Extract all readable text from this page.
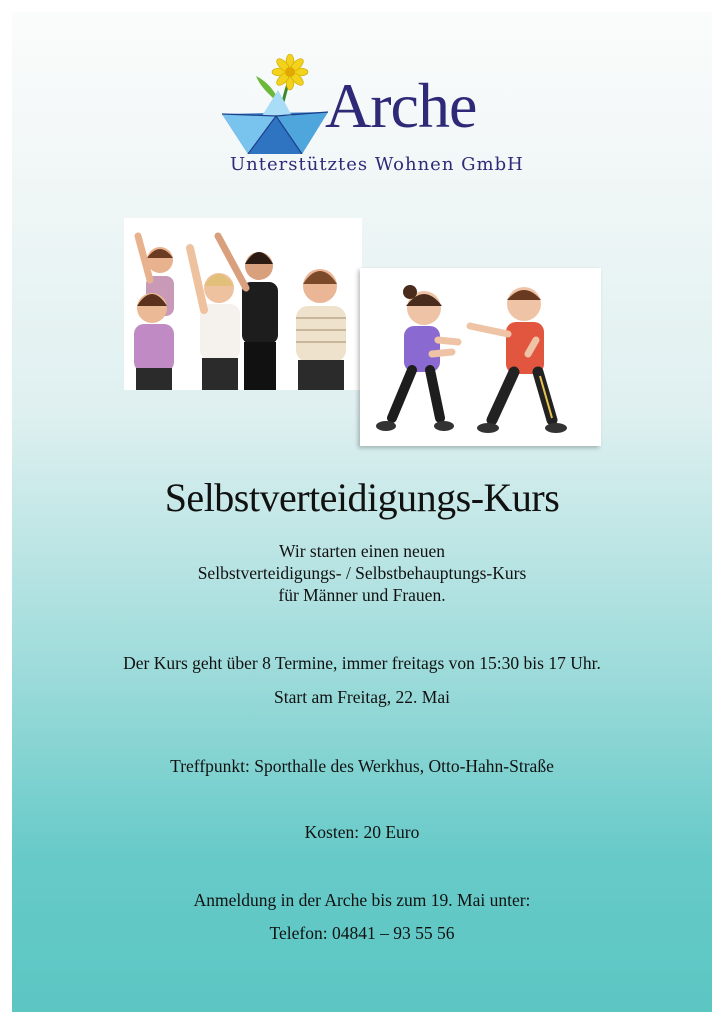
Arche
Unterstütztes Wohnen GmbH
Selbstverteidigungs-Kurs
Wir starten einen neuen
Selbstverteidigungs- / Selbstbehauptungs-Kurs
für Männer und Frauen.

Der Kurs geht über 8 Termine, immer freitags von 15:30 bis 17 Uhr.

Start am Freitag, 22. Mai

Treffpunkt: Sporthalle des Werkhus, Otto-Hahn-Straße

Kosten: 20 Euro

Anmeldung in der Arche bis zum 19. Mai unter:

Telefon: 04841 – 93 55 56
